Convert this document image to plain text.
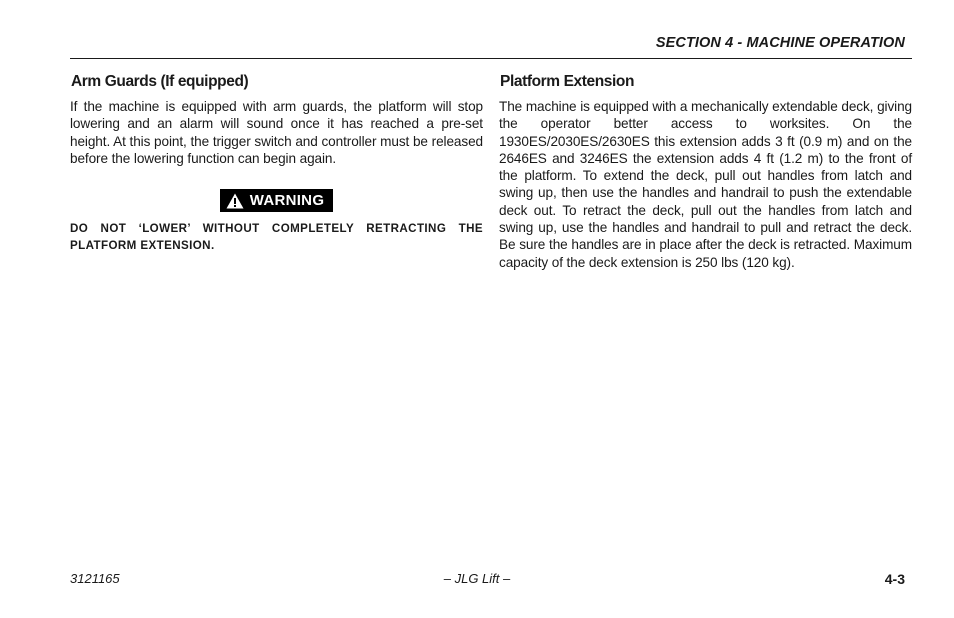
SECTION 4 - MACHINE OPERATION
Arm Guards (If equipped)

If the machine is equipped with arm guards, the platform will stop lowering and an alarm will sound once it has reached a pre-set height. At this point, the trigger switch and controller must be released before the lowering function can begin again.

WARNING

DO NOT ‘LOWER’ WITHOUT COMPLETELY RETRACTING THE PLATFORM EXTENSION.

Platform Extension

The machine is equipped with a mechanically extendable deck, giving the operator better access to worksites. On the 1930ES/2030ES/2630ES this extension adds 3 ft (0.9 m) and on the 2646ES and 3246ES the extension adds 4 ft (1.2 m) to the front of the platform. To extend the deck, pull out handles from latch and swing up, then use the handles and handrail to push the extendable deck out. To retract the deck, pull out the handles from latch and swing up, use the handles and handrail to pull and retract the deck. Be sure the handles are in place after the deck is retracted. Maximum capacity of the deck extension is 250 lbs (120 kg).

3121165	– JLG Lift –	4-3
